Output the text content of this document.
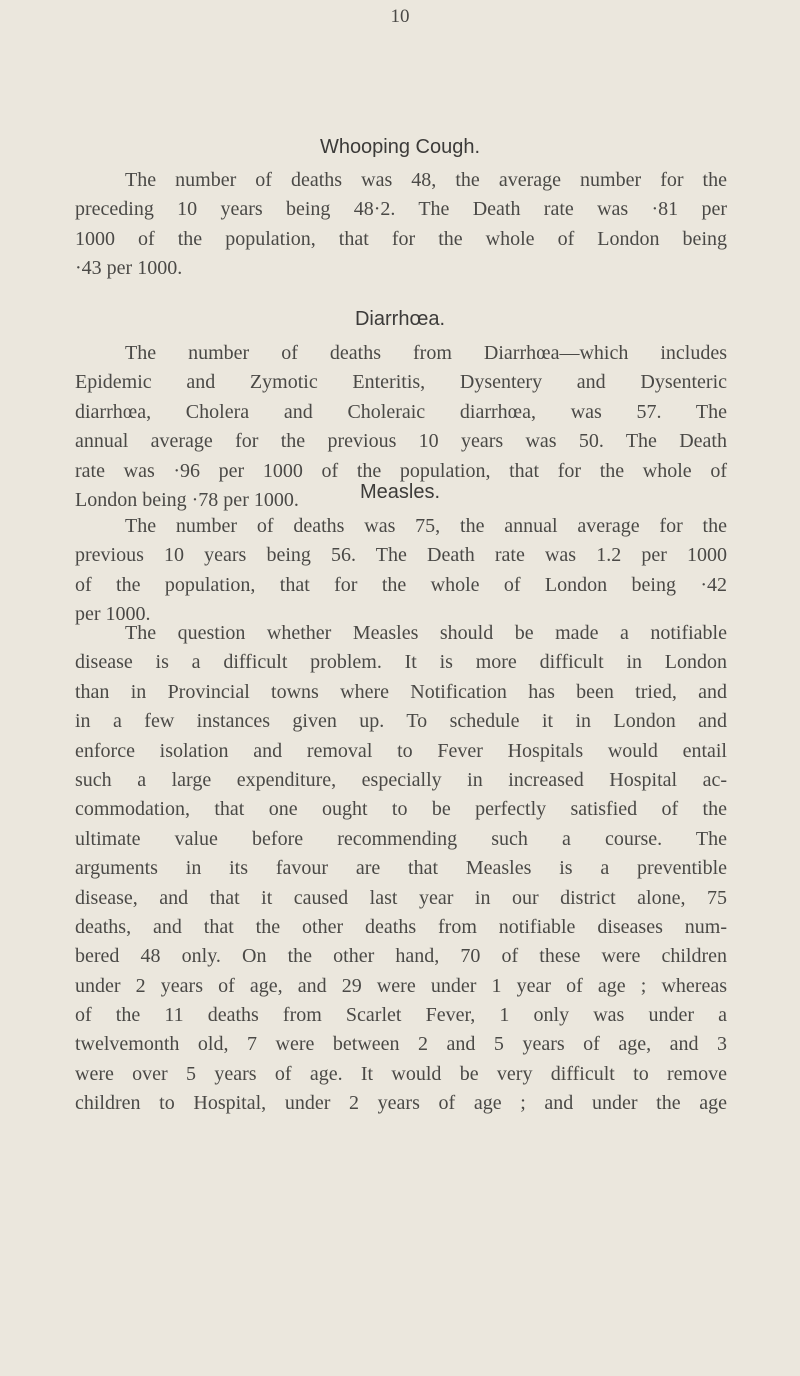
10
Whooping Cough.
The number of deaths was 48, the average number for the
preceding 10 years being 48·2. The Death rate was ·81 per
1000 of the population, that for the whole of London being
·43 per 1000.
Diarrhœa.
The number of deaths from Diarrhœa—which includes
Epidemic and Zymotic Enteritis, Dysentery and Dysenteric
diarrhœa, Cholera and Choleraic diarrhœa, was 57. The
annual average for the previous 10 years was 50. The Death
rate was ·96 per 1000 of the population, that for the whole of
London being ·78 per 1000.	Measles.
The number of deaths was 75, the annual average for the
previous 10 years being 56. The Death rate was 1.2 per 1000
of the population, that for the whole of London being ·42
per 1000.
The question whether Measles should be made a notifiable
disease is a difficult problem. It is more difficult in London
than in Provincial towns where Notification has been tried, and
in a few instances given up. To schedule it in London and
enforce isolation and removal to Fever Hospitals would entail
such a large expenditure, especially in increased Hospital ac-
commodation, that one ought to be perfectly satisfied of the
ultimate value before recommending such a course. The
arguments in its favour are that Measles is a preventible
disease, and that it caused last year in our district alone, 75
deaths, and that the other deaths from notifiable diseases num-
bered 48 only. On the other hand, 70 of these were children
under 2 years of age, and 29 were under 1 year of age ; whereas
of the 11 deaths from Scarlet Fever, 1 only was under a
twelvemonth old, 7 were between 2 and 5 years of age, and 3
were over 5 years of age. It would be very difficult to remove
children to Hospital, under 2 years of age ; and under the age
